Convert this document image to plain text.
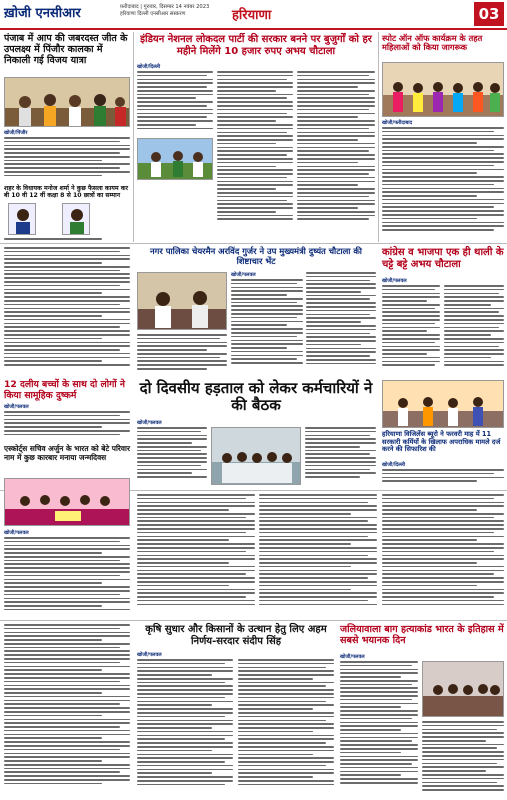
ख़ोजी एनसीआर	फ़रीदाबाद | गुरुवार, दिसम्बर 14 नवंबर 2023
हरियाणा दिल्ली एनसीआर संस्करण	हरियाणा	03
पंजाब में आप की जबरदस्त जीत के उपलक्ष्य में पिंजौर कालका में निकाली गई विजय यात्रा
खोजी/पिंजौर
शहर के विधायक मनोज शर्मा ने कुछ फैसला कायम कर बी 10 वी 12 वीं कक्षा 8 से 10 छात्रों का सम्मान
इंडियन नेशनल लोकदल पार्टी की सरकार बनने पर बुजुर्गों को हर महीने मिलेंगे 10 हजार रुपए अभय चौटाला
खोजी/दिल्ली
स्पोट ऑन ऑफ कार्यक्रम के तहत महिलाओं को किया जागरूक
खोजी/फरीदाबाद
नगर पालिका चेयरमैन अरविंद गुर्जर ने उप मुख्यमंत्री दुष्यंत चौटाला की शिष्टाचार भेंट
खोजी/पलवल
कांग्रेस व भाजपा एक ही थाली के चट्टे बट्टे अभय चौटाला
खोजी/पलवल
12 दलीय बच्चों के साथ दो लोगों ने किया सामूहिक दुष्कर्म
खोजी/पलवल
दो दिवसीय हड़ताल को लेकर कर्मचारियों ने की बैठक
खोजी/पलवल
हरियाणा विजिलेंस ब्यूरो ने फरवरी माह में 11 सरकारी कर्मियों के खिलाफ अपराधिक मामले दर्ज करने की सिफारिश की
खोजी/दिल्ली
एस्कोर्ट्स सचिव अर्जुन के भारत को बेटे परिवार नाम में कुछ कारबार मनाया जन्मदिवस
खोजी/पलवल
कृषि सुधार और किसानों के उत्थान हेतु लिए अहम निर्णय-सरदार संदीप सिंह
खोजी/पलवल
जलियावाला बाग हत्याकांड भारत के इतिहास में सबसे भयानक दिन
खोजी/पलवल
